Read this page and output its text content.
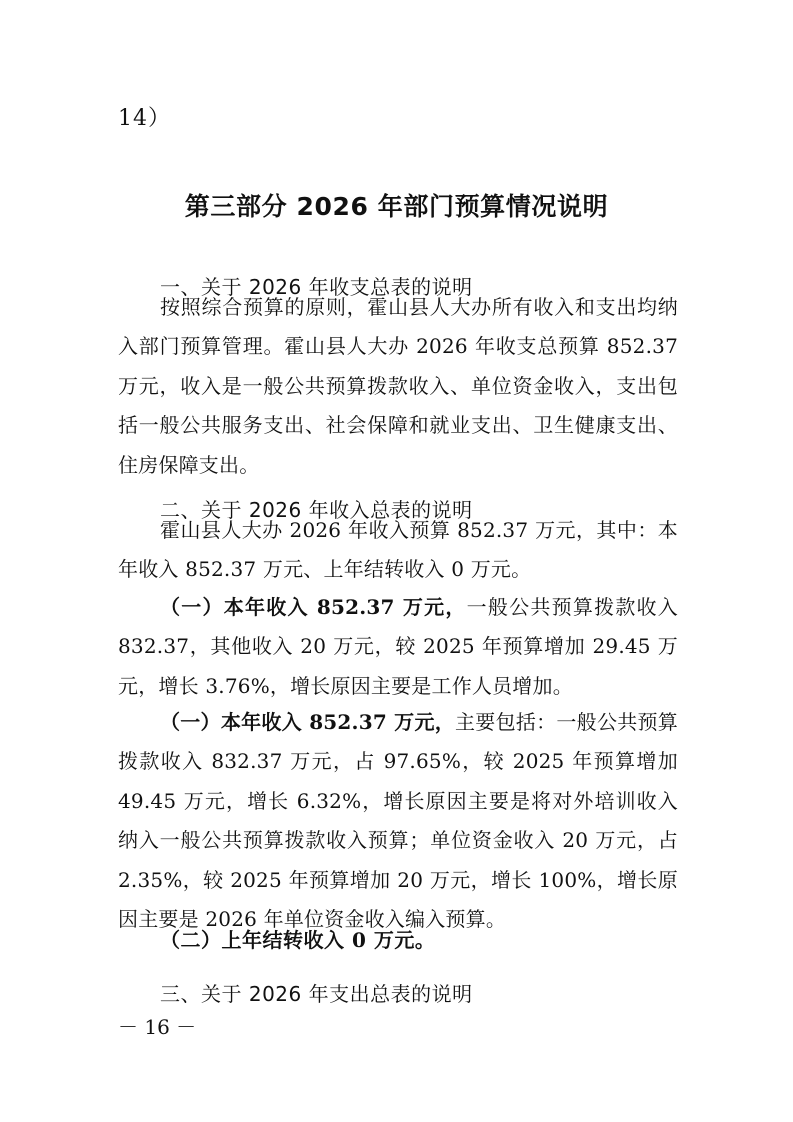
14）
第三部分 2026 年部门预算情况说明
一、关于 2026 年收支总表的说明

按照综合预算的原则，霍山县人大办所有收入和支出均纳入部门预算管理。霍山县人大办 2026 年收支总预算 852.37 万元，收入是一般公共预算拨款收入、单位资金收入，支出包括一般公共服务支出、社会保障和就业支出、卫生健康支出、住房保障支出。

二、关于 2026 年收入总表的说明

霍山县人大办 2026 年收入预算 852.37 万元，其中：本年收入 852.37 万元、上年结转收入 0 万元。

（一）本年收入 852.37 万元，一般公共预算拨款收入 832.37，其他收入 20 万元，较 2025 年预算增加 29.45 万元，增长 3.76%，增长原因主要是工作人员增加。

（一）本年收入 852.37 万元，主要包括：一般公共预算拨款收入 832.37 万元，占 97.65%，较 2025 年预算增加 49.45 万元，增长 6.32%，增长原因主要是将对外培训收入纳入一般公共预算拨款收入预算；单位资金收入 20 万元，占 2.35%，较 2025 年预算增加 20 万元，增长 100%，增长原因主要是 2026 年单位资金收入编入预算。

（二）上年结转收入 0 万元。
三、关于 2026 年支出总表的说明
－ 16 －
